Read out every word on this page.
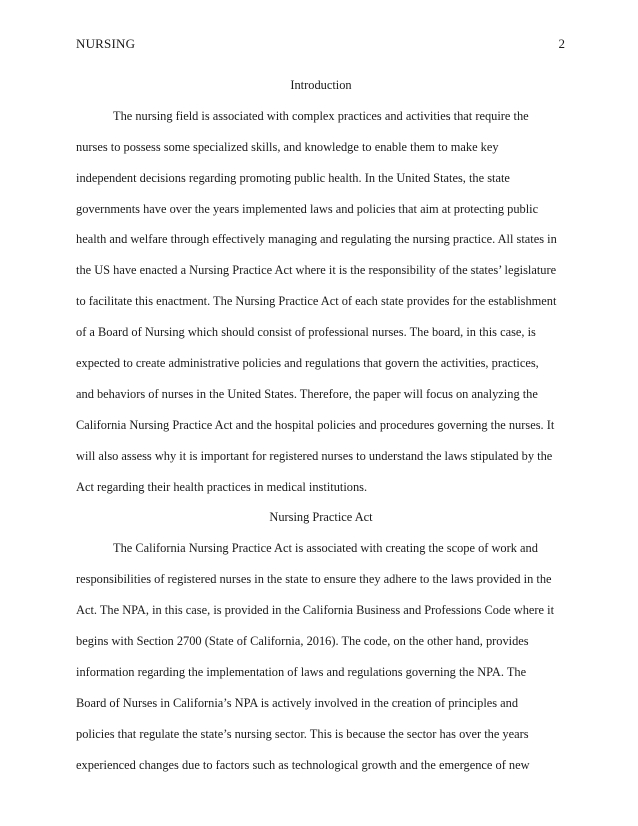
NURSING	2
Introduction
The nursing field is associated with complex practices and activities that require the
nurses to possess some specialized skills, and knowledge to enable them to make key
independent decisions regarding promoting public health. In the United States, the state
governments have over the years implemented laws and policies that aim at protecting public
health and welfare through effectively managing and regulating the nursing practice. All states in
the US have enacted a Nursing Practice Act where it is the responsibility of the states’ legislature
to facilitate this enactment. The Nursing Practice Act of each state provides for the establishment
of a Board of Nursing which should consist of professional nurses. The board, in this case, is
expected to create administrative policies and regulations that govern the activities, practices,
and behaviors of nurses in the United States. Therefore, the paper will focus on analyzing the
California Nursing Practice Act and the hospital policies and procedures governing the nurses. It
will also assess why it is important for registered nurses to understand the laws stipulated by the
Act regarding their health practices in medical institutions.
Nursing Practice Act
The California Nursing Practice Act is associated with creating the scope of work and
responsibilities of registered nurses in the state to ensure they adhere to the laws provided in the
Act. The NPA, in this case, is provided in the California Business and Professions Code where it
begins with Section 2700 (State of California, 2016). The code, on the other hand, provides
information regarding the implementation of laws and regulations governing the NPA. The
Board of Nurses in California’s NPA is actively involved in the creation of principles and
policies that regulate the state’s nursing sector. This is because the sector has over the years
experienced changes due to factors such as technological growth and the emergence of new
